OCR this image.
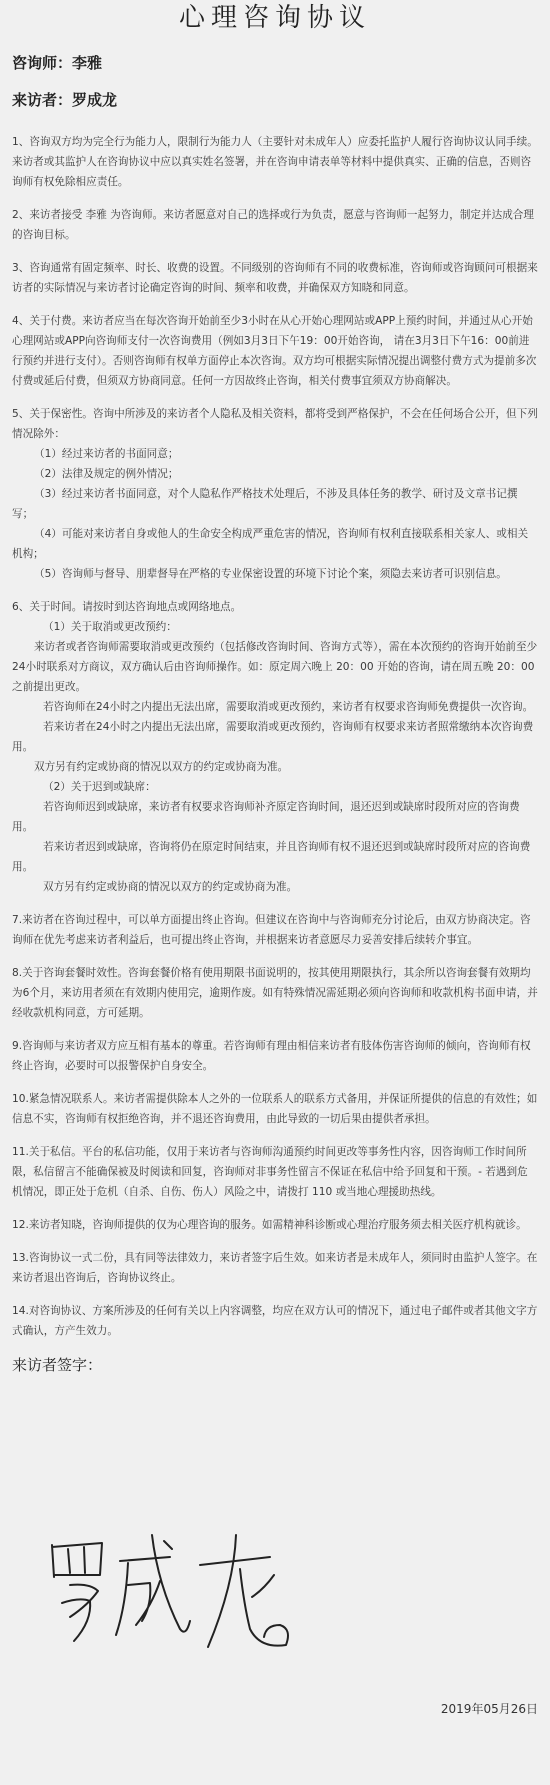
心理咨询协议
咨询师：李雅
来访者：罗成龙

1、咨询双方均为完全行为能力人，限制行为能力人（主要针对未成年人）应委托监护人履行咨询协议认同手续。来访者或其监护人在咨询协议中应以真实姓名签署，并在咨询申请表单等材料中提供真实、正确的信息，否则咨询师有权免除相应责任。

2、来访者接受 李雅 为咨询师。来访者愿意对自己的选择或行为负责，愿意与咨询师一起努力，制定并达成合理的咨询目标。

3、咨询通常有固定频率、时长、收费的设置。不同级别的咨询师有不同的收费标准，咨询师或咨询顾问可根据来访者的实际情况与来访者讨论确定咨询的时间、频率和收费，并确保双方知晓和同意。

4、关于付费。来访者应当在每次咨询开始前至少3小时在从心开始心理网站或APP上预约时间，并通过从心开始心理网站或APP向咨询师支付一次咨询费用（例如3月3日下午19：00开始咨询， 请在3月3日下午16：00前进行预约并进行支付）。否则咨询师有权单方面停止本次咨询。双方均可根据实际情况提出调整付费方式为提前多次付费或延后付费，但须双方协商同意。任何一方因故终止咨询，相关付费事宜须双方协商解决。

5、关于保密性。咨询中所涉及的来访者个人隐私及相关资料，都将受到严格保护，不会在任何场合公开，但下列情况除外：

（1）经过来访者的书面同意；

（2）法律及规定的例外情况；

（3）经过来访者书面同意，对个人隐私作严格技术处理后，不涉及具体任务的教学、研讨及文章书记撰写；

（4）可能对来访者自身或他人的生命安全构成严重危害的情况，咨询师有权利直接联系相关家人、或相关机构；

（5）咨询师与督导、朋辈督导在严格的专业保密设置的环境下讨论个案，须隐去来访者可识别信息。

6、关于时间。请按时到达咨询地点或网络地点。

（1）关于取消或更改预约：

来访者或者咨询师需要取消或更改预约（包括修改咨询时间、咨询方式等），需在本次预约的咨询开始前至少24小时联系对方商议，双方确认后由咨询师操作。如：原定周六晚上 20：00 开始的咨询，请在周五晚 20：00 之前提出更改。

若咨询师在24小时之内提出无法出席，需要取消或更改预约，来访者有权要求咨询师免费提供一次咨询。

若来访者在24小时之内提出无法出席，需要取消或更改预约，咨询师有权要求来访者照常缴纳本次咨询费用。

双方另有约定或协商的情况以双方的约定或协商为准。

（2）关于迟到或缺席：

若咨询师迟到或缺席，来访者有权要求咨询师补齐原定咨询时间，退还迟到或缺席时段所对应的咨询费用。

若来访者迟到或缺席，咨询将仍在原定时间结束，并且咨询师有权不退还迟到或缺席时段所对应的咨询费用。

双方另有约定或协商的情况以双方的约定或协商为准。

7.来访者在咨询过程中，可以单方面提出终止咨询。但建议在咨询中与咨询师充分讨论后，由双方协商决定。咨询师在优先考虑来访者利益后，也可提出终止咨询，并根据来访者意愿尽力妥善安排后续转介事宜。

8.关于咨询套餐时效性。咨询套餐价格有使用期限书面说明的，按其使用期限执行，其余所以咨询套餐有效期均为6个月，来访用者须在有效期内使用完，逾期作废。如有特殊情况需延期必须向咨询师和收款机构书面申请，并经收款机构同意，方可延期。

9.咨询师与来访者双方应互相有基本的尊重。若咨询师有理由相信来访者有肢体伤害咨询师的倾向，咨询师有权终止咨询，必要时可以报警保护自身安全。

10.紧急情况联系人。来访者需提供除本人之外的一位联系人的联系方式备用，并保证所提供的信息的有效性；如信息不实，咨询师有权拒绝咨询，并不退还咨询费用，由此导致的一切后果由提供者承担。

11.关于私信。平台的私信功能，仅用于来访者与咨询师沟通预约时间更改等事务性内容，因咨询师工作时间所限，私信留言不能确保被及时阅读和回复，咨询师对非事务性留言不保证在私信中给予回复和干预。- 若遇到危机情况，即正处于危机（自杀、自伤、伤人）风险之中，请拨打 110 或当地心理援助热线。

12.来访者知晓，咨询师提供的仅为心理咨询的服务。如需精神科诊断或心理治疗服务须去相关医疗机构就诊。

13.咨询协议一式二份，具有同等法律效力，来访者签字后生效。如来访者是未成年人，须同时由监护人签字。在来访者退出咨询后，咨询协议终止。

14.对咨询协议、方案所涉及的任何有关以上内容调整，均应在双方认可的情况下，通过电子邮件或者其他文字方式确认，方产生效力。

来访者签字：
2019年05月26日
